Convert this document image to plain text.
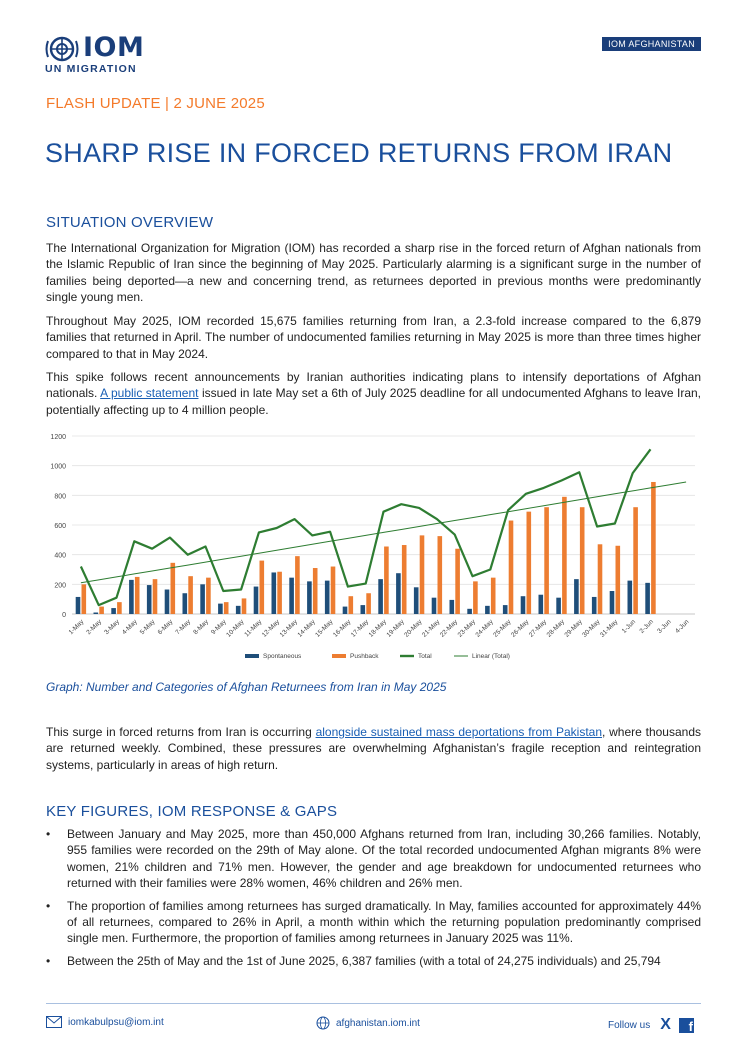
IOM
UN MIGRATION
IOM AFGHANISTAN
FLASH UPDATE | 2 JUNE 2025
SHARP RISE IN FORCED RETURNS FROM IRAN
SITUATION OVERVIEW
The International Organization for Migration (IOM) has recorded a sharp rise in the forced return of Afghan nationals from the Islamic Republic of Iran since the beginning of May 2025. Particularly alarming is a significant surge in the number of families being deported—a new and concerning trend, as returnees deported in previous months were predominantly single young men.
Throughout May 2025, IOM recorded 15,675 families returning from Iran, a 2.3-fold increase compared to the 6,879 families that returned in April. The number of undocumented families returning in May 2025 is more than three times higher compared to that in May 2024.
This spike follows recent announcements by Iranian authorities indicating plans to intensify deportations of Afghan nationals. A public statement issued in late May set a 6th of July 2025 deadline for all undocumented Afghans to leave Iran, potentially affecting up to 4 million people.
0
200
400
600
800
1000
1200
1-May 2-May 3-May 4-May 5-May 6-May 7-May 8-May 9-May
10-May
11-May
12-May
13-May
14-May
15-May
16-May
17-May
18-May
19-May
20-May
21-May
22-May
23-May
24-May
25-May
26-May
27-May
28-May
29-May
30-May
31-May 1-Jun 2-Jun 3-Jun 4-Jun
Spontaneous	Pushback	Total	Linear (Total)
Graph: Number and Categories of Afghan Returnees from Iran in May 2025
This surge in forced returns from Iran is occurring alongside sustained mass deportations from Pakistan, where thousands are returned weekly. Combined, these pressures are overwhelming Afghanistan’s fragile reception and reintegration systems, particularly in areas of high return.
KEY FIGURES, IOM RESPONSE & GAPS
• Between January and May 2025, more than 450,000 Afghans returned from Iran, including 30,266 families. Notably, 955 families were recorded on the 29th of May alone. Of the total recorded undocumented Afghan migrants 8% were women, 21% children and 71% men. However, the gender and age breakdown for undocumented returnees who returned with their families were 28% women, 46% children and 26% men.
• The proportion of families among returnees has surged dramatically. In May, families accounted for approximately 44% of all returnees, compared to 26% in April, a month within which the returning population predominantly comprised single men. Furthermore, the proportion of families among returnees in January 2025 was 11%.
• Between the 25th of May and the 1st of June 2025, 6,387 families (with a total of 24,275 individuals) and 25,794
iomkabulpsu@iom.int	afghanistan.iom.int	Follow us X	f
